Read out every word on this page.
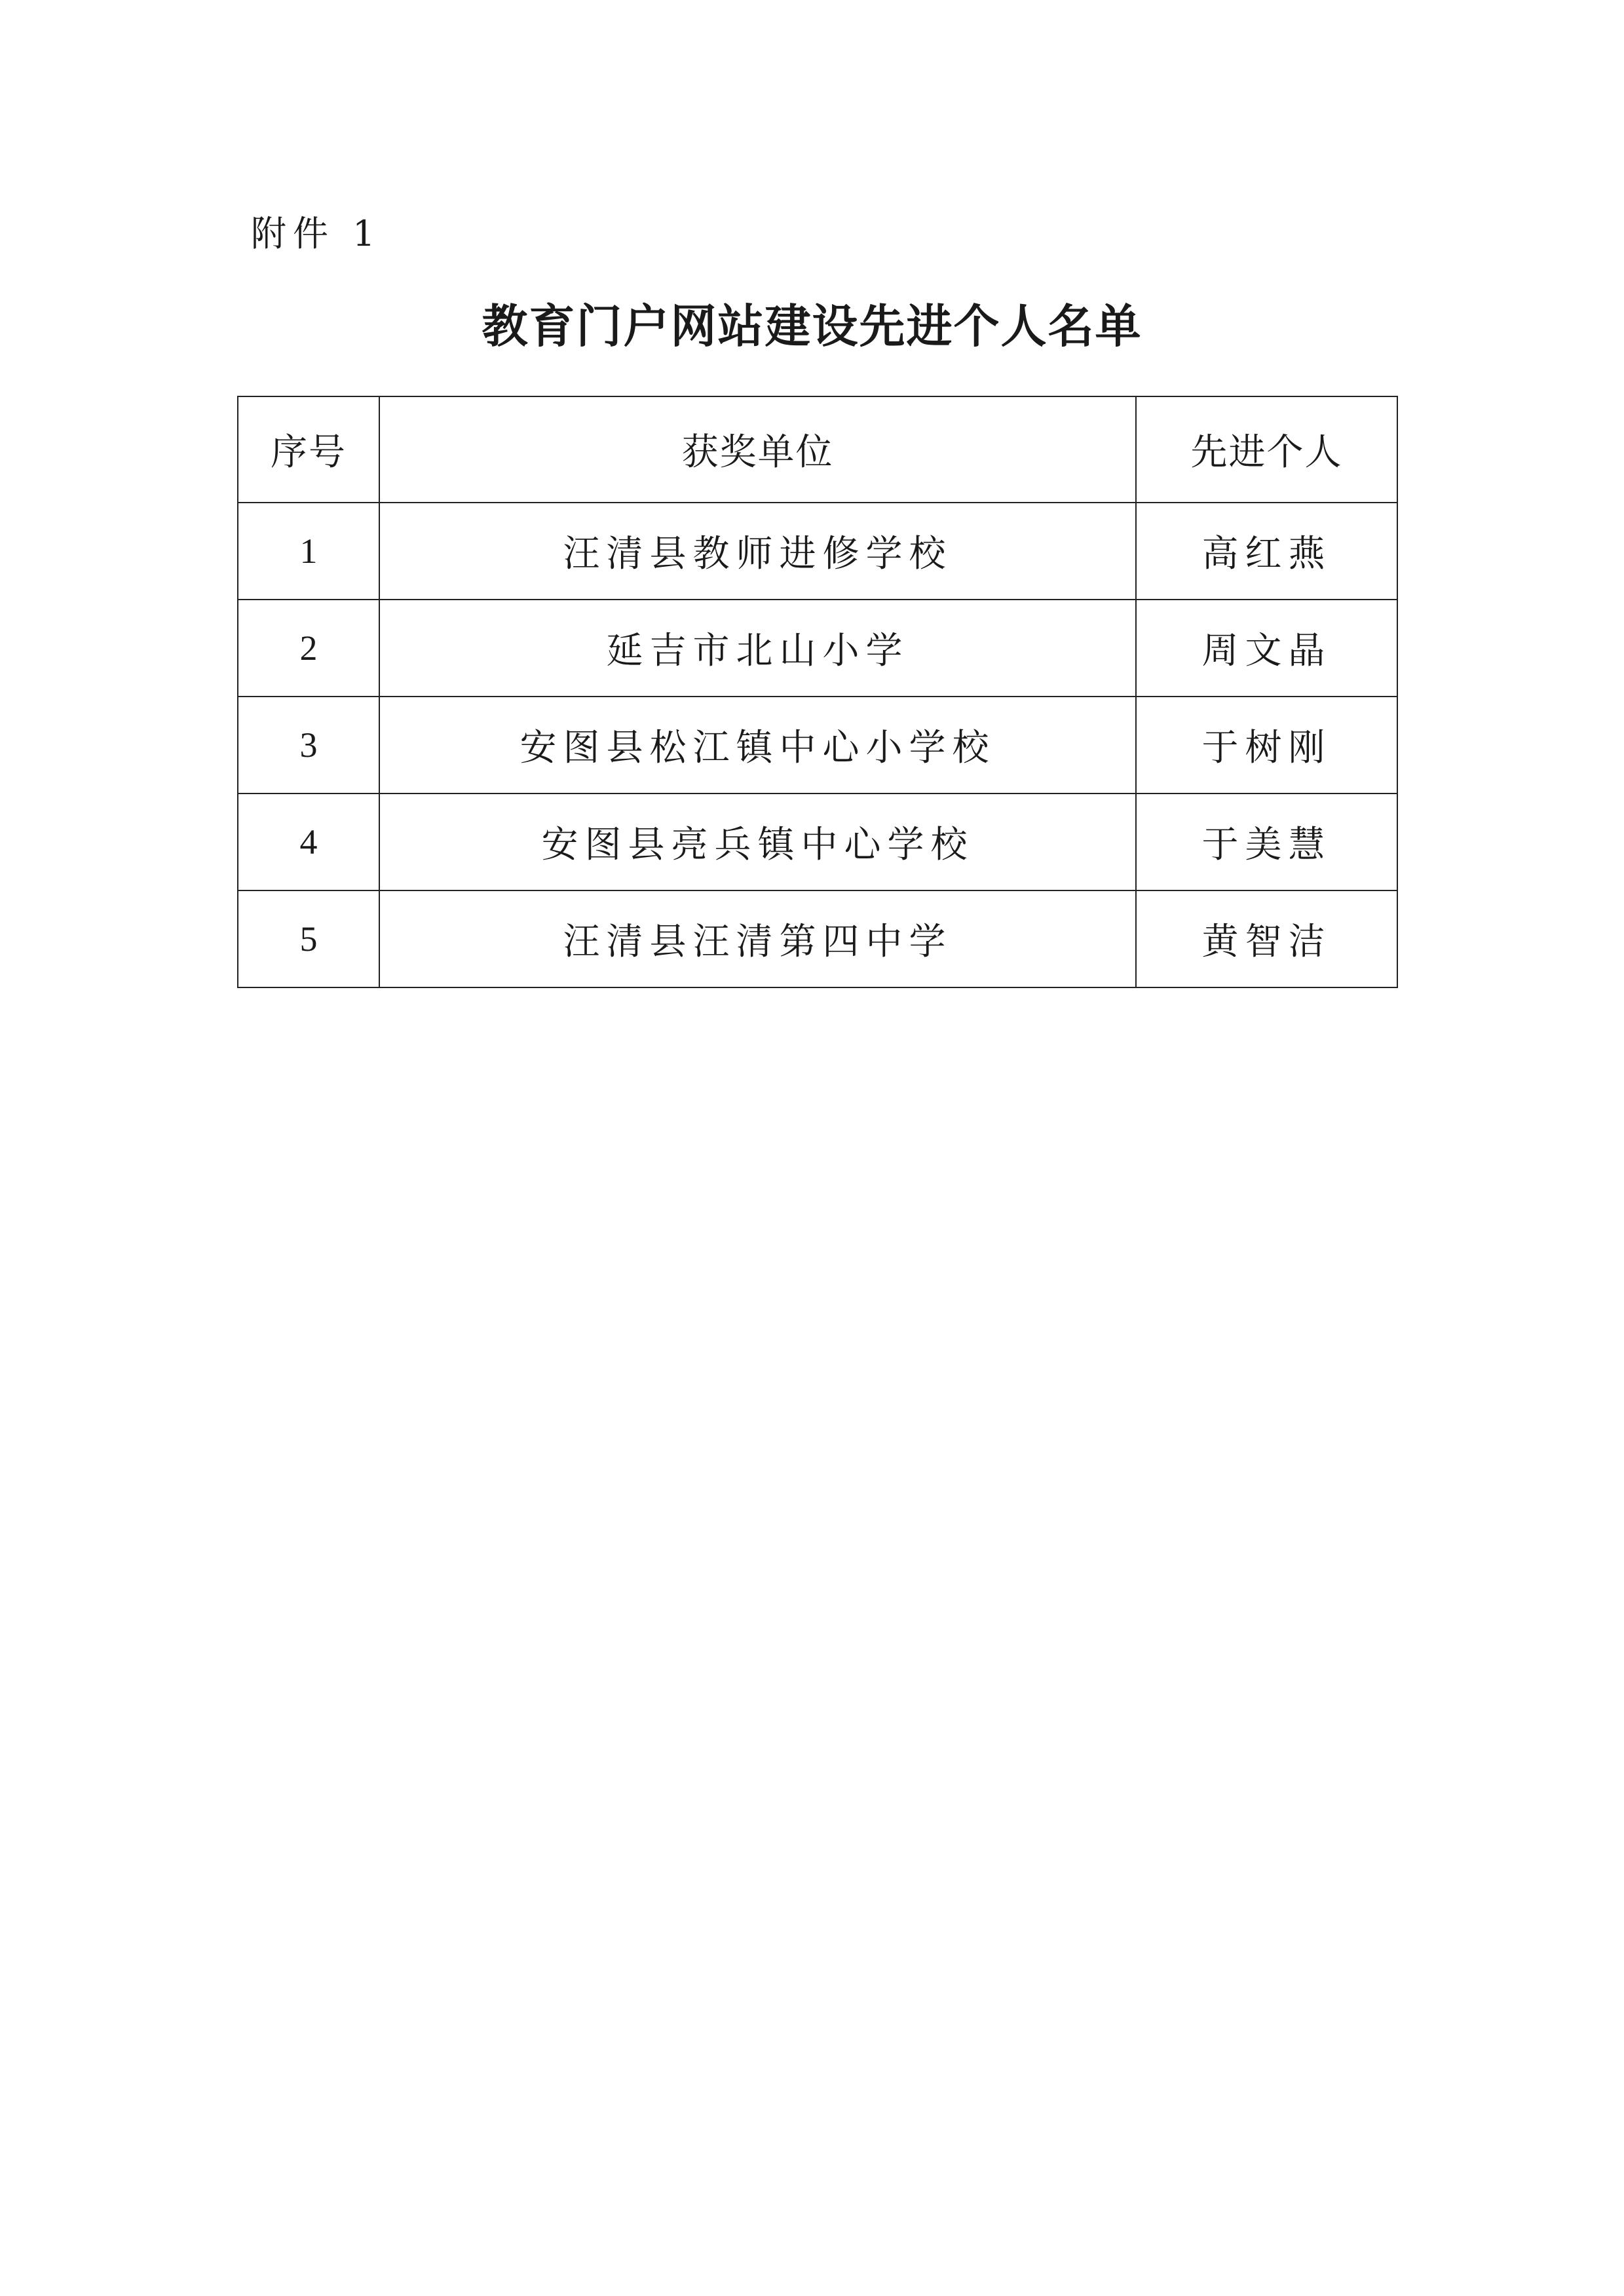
附件 1
教育门户网站建设先进个人名单
序号	获奖单位	先进个人
1	汪清县教师进修学校	高红燕
2	延吉市北山小学	周文晶
3	安图县松江镇中心小学校	于树刚
4	安图县亮兵镇中心学校	于美慧
5	汪清县汪清第四中学	黄智洁
